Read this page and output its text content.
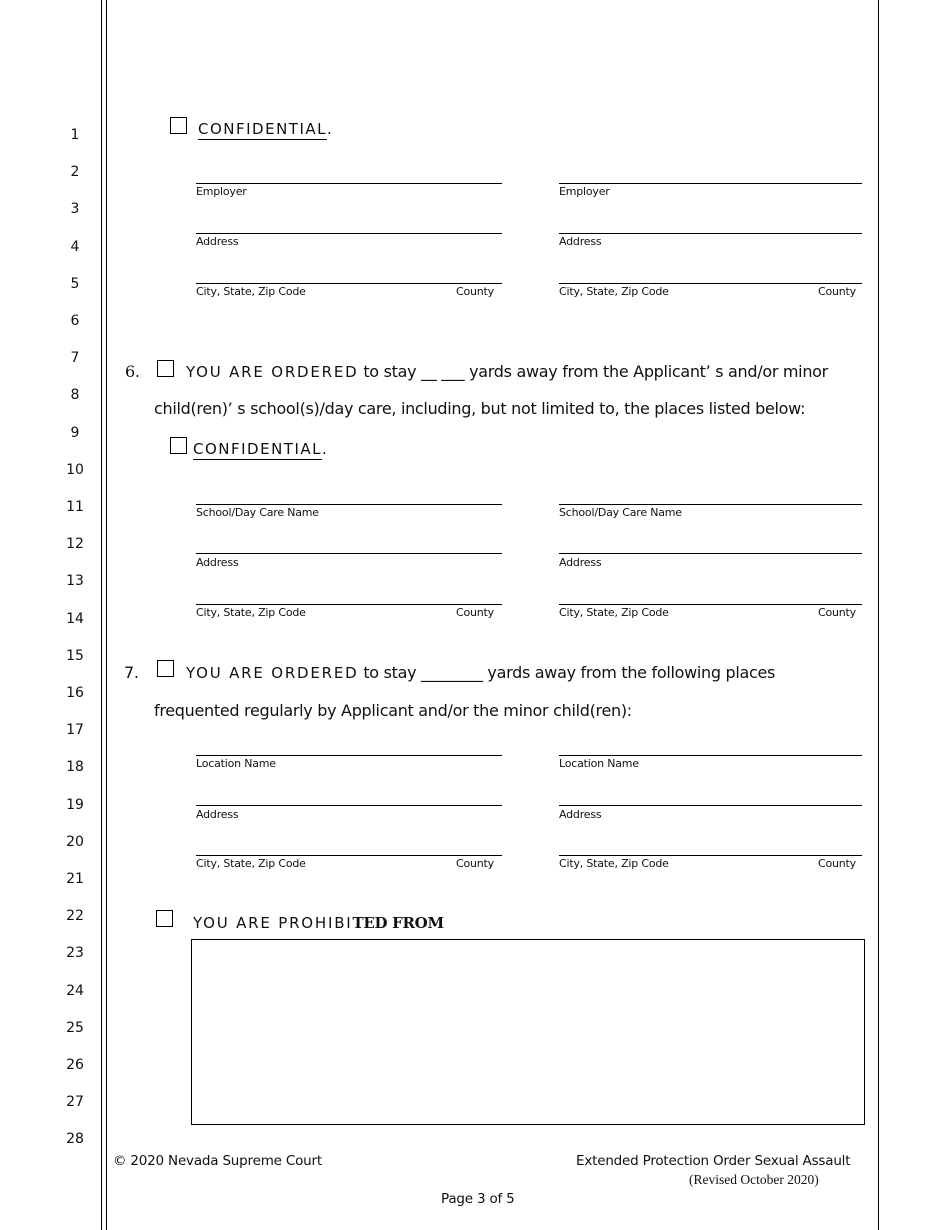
1
2
3
4
5
6
7
8
9
10
11
12
13
14
15
16
17
18
19
20
21
22
23
24
25
26
27
28
CONFIDENTIAL.
Employer	Employer
Address	Address
City, State, Zip Code	County	City, State, Zip Code	County
6.	YOU ARE ORDERED to stay __ ___ yards away from the Applicant’ s and/or minor
child(ren)’ s school(s)/day care, including, but not limited to, the places listed below:
CONFIDENTIAL.
School/Day Care Name	School/Day Care Name
Address	Address
City, State, Zip Code	County	City, State, Zip Code	County
7.	YOU ARE ORDERED to stay ________ yards away from the following places
frequented regularly by Applicant and/or the minor child(ren):
Location Name	Location Name
Address	Address
City, State, Zip Code	County	City, State, Zip Code	County
YOU ARE PROHIBITED FROM
© 2020 Nevada Supreme Court	Extended Protection Order Sexual Assault
(Revised October 2020)
Page 3 of 5
